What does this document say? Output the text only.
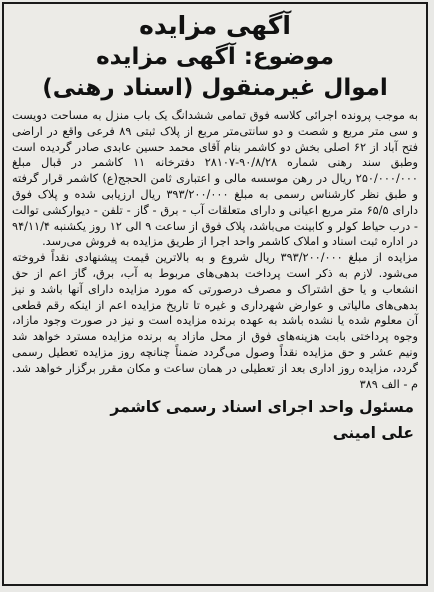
آگهی مزایده
موضوع: آگهی مزایده
اموال غیرمنقول (اسناد رهنی)

به موجب پرونده اجرائی کلاسه فوق تمامی ششدانگ یک باب منزل به مساحت دویست و سی متر مربع و شصت و دو سانتی‌متر مربع از پلاک ثبتی ۸۹ فرعی واقع در اراضی فتح آباد از ۶۲ اصلی بخش دو کاشمر بنام آقای محمد حسین عابدی صادر گردیده است وطبق سند رهنی شماره ۹۰/۸/۲۸-۲۸۱۰۷ دفترخانه ۱۱ کاشمر در قبال مبلغ ۲۵۰/۰۰۰/۰۰۰ ریال در رهن موسسه مالی و اعتباری ثامن الحجج(ع) کاشمر قرار گرفته و طبق نظر کارشناس رسمی به مبلغ ۳۹۳/۲۰۰/۰۰۰ ریال ارزیابی شده و پلاک فوق دارای ۶۵/۵ متر مربع اعیانی و دارای متعلقات آب - برق - گاز - تلفن - دیوارکشی توالت - درب حیاط کولر و کابینت می‌باشد، پلاک فوق از ساعت ۹ الی ۱۲ روز یکشنبه ۹۴/۱۱/۴ در اداره ثبت اسناد و املاک کاشمر واحد اجرا از طریق مزایده به فروش می‌رسد.

مزایده از مبلغ ۳۹۳/۲۰۰/۰۰۰ ریال شروع و به بالاترین قیمت پیشنهادی نقداً فروخته می‌شود. لازم به ذکر است پرداخت بدهی‌های مربوط به آب، برق، گاز اعم از حق انشعاب و یا حق اشتراک و مصرف درصورتی که مورد مزایده دارای آنها باشد و نیز بدهی‌های مالیاتی و عوارض شهرداری و غیره تا تاریخ مزایده اعم از اینکه رقم قطعی آن معلوم شده یا نشده باشد به عهده برنده مزایده است و نیز در صورت وجود مازاد، وجوه پرداختی بابت هزینه‌های فوق از محل مازاد به برنده مزایده مسترد خواهد شد ونیم عشر و حق مزایده نقداً وصول می‌گردد ضمناً چنانچه روز مزایده تعطیل رسمی گردد، مزایده روز اداری بعد از تعطیلی در همان ساعت و مکان مقرر برگزار خواهد شد. م - الف ۳۸۹

مسئول واحد اجرای اسناد رسمی کاشمر
علی امینی
